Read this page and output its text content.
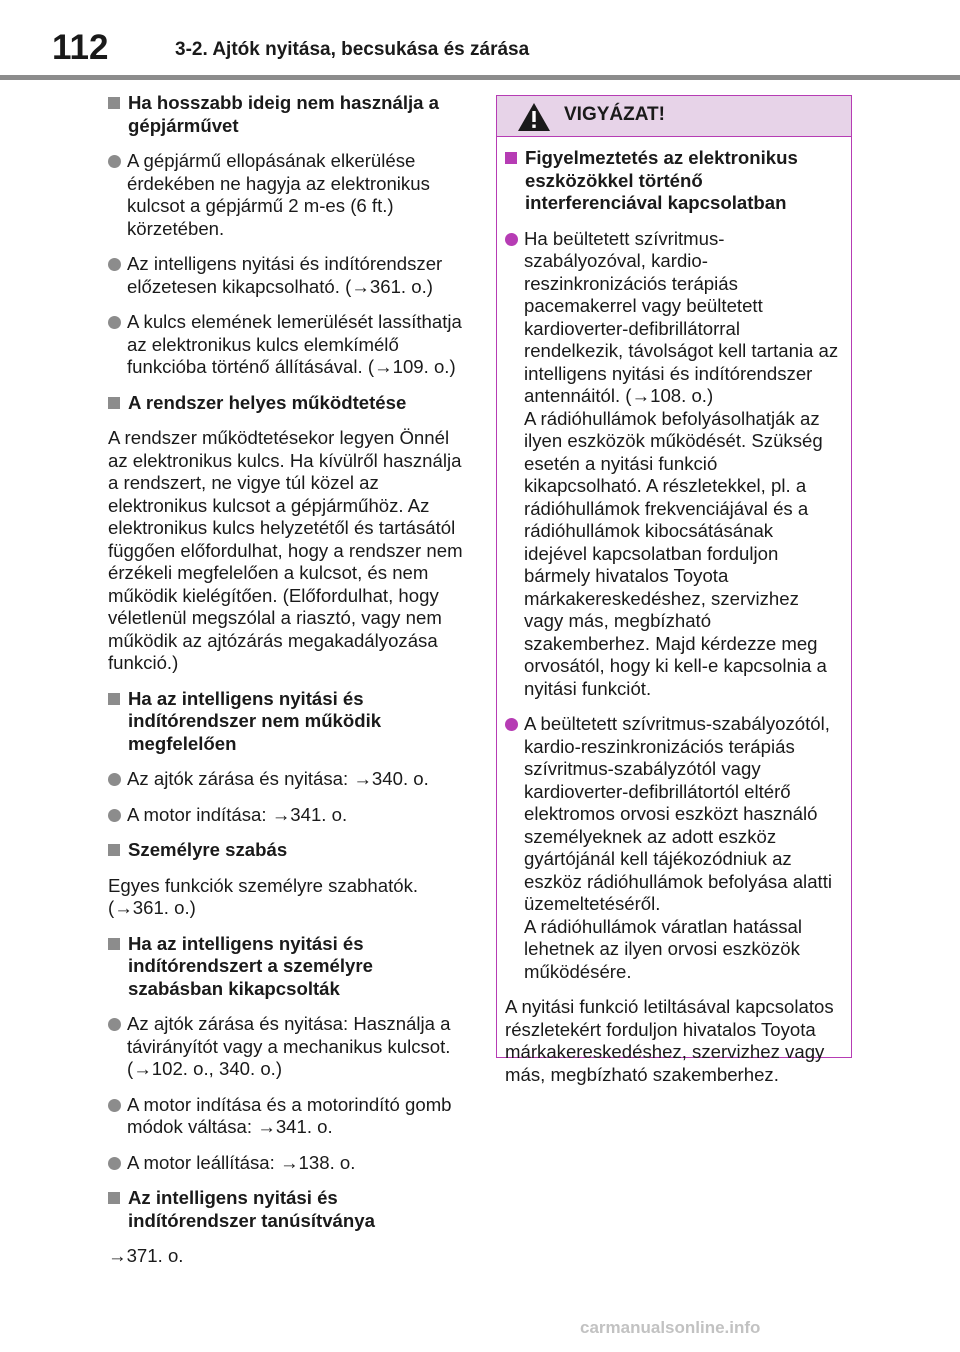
112	3-2. Ajtók nyitása, becsukása és zárása
Ha hosszabb ideig nem használja a gépjárművet
A gépjármű ellopásának elkerülése érdekében ne hagyja az elektronikus kulcsot a gépjármű 2 m-es (6 ft.) körzetében.
Az intelligens nyitási és indítórendszer előzetesen kikapcsolható. (→361. o.)
A kulcs elemének lemerülését lassíthatja az elektronikus kulcs elemkímélő funkcióba történő állításával. (→109. o.)
A rendszer helyes működtetése
A rendszer működtetésekor legyen Önnél az elektronikus kulcs. Ha kívülről használja a rendszert, ne vigye túl közel az elektronikus kulcsot a gépjárműhöz. Az elektronikus kulcs helyzetétől és tartásától függően előfordulhat, hogy a rendszer nem érzékeli megfelelően a kulcsot, és nem működik kielégítően. (Előfordulhat, hogy véletlenül megszólal a riasztó, vagy nem működik az ajtózárás megakadályozása funkció.)
Ha az intelligens nyitási és indítórendszer nem működik megfelelően
Az ajtók zárása és nyitása: →340. o.
A motor indítása: →341. o.
Személyre szabás
Egyes funkciók személyre szabhatók. (→361. o.)
Ha az intelligens nyitási és indítórendszert a személyre szabásban kikapcsolták
Az ajtók zárása és nyitása: Használja a távirányítót vagy a mechanikus kulcsot. (→102. o., 340. o.)
A motor indítása és a motorindító gomb módok váltása: →341. o.
A motor leállítása: →138. o.
Az intelligens nyitási és indítórendszer tanúsítványa
→371. o.
VIGYÁZAT!
Figyelmeztetés az elektronikus eszközökkel történő interferenciával kapcsolatban
Ha beültetett szívritmus-szabályozóval, kardio-reszinkronizációs terápiás pacemakerrel vagy beültetett kardioverter-defibrillátorral rendelkezik, távolságot kell tartania az intelligens nyitási és indítórendszer antennáitól. (→108. o.)
A rádióhullámok befolyásolhatják az ilyen eszközök működését. Szükség esetén a nyitási funkció kikapcsolható. A részletekkel, pl. a rádióhullámok frekvenciájával és a rádióhullámok kibocsátásának idejével kapcsolatban forduljon bármely hivatalos Toyota márkakereskedéshez, szervizhez vagy más, megbízható szakemberhez. Majd kérdezze meg orvosától, hogy ki kell-e kapcsolnia a nyitási funkciót.
A beültetett szívritmus-szabályozótól, kardio-reszinkronizációs terápiás szívritmus-szabályzótól vagy kardioverter-defibrillátortól eltérő elektromos orvosi eszközt használó személyeknek az adott eszköz gyártójánál kell tájékozódniuk az eszköz rádióhullámok befolyása alatti üzemeltetéséről.
A rádióhullámok váratlan hatással lehetnek az ilyen orvosi eszközök működésére.
A nyitási funkció letiltásával kapcsolatos részletekért forduljon hivatalos Toyota márkakereskedéshez, szervizhez vagy más, megbízható szakemberhez.
carmanualsonline.info
